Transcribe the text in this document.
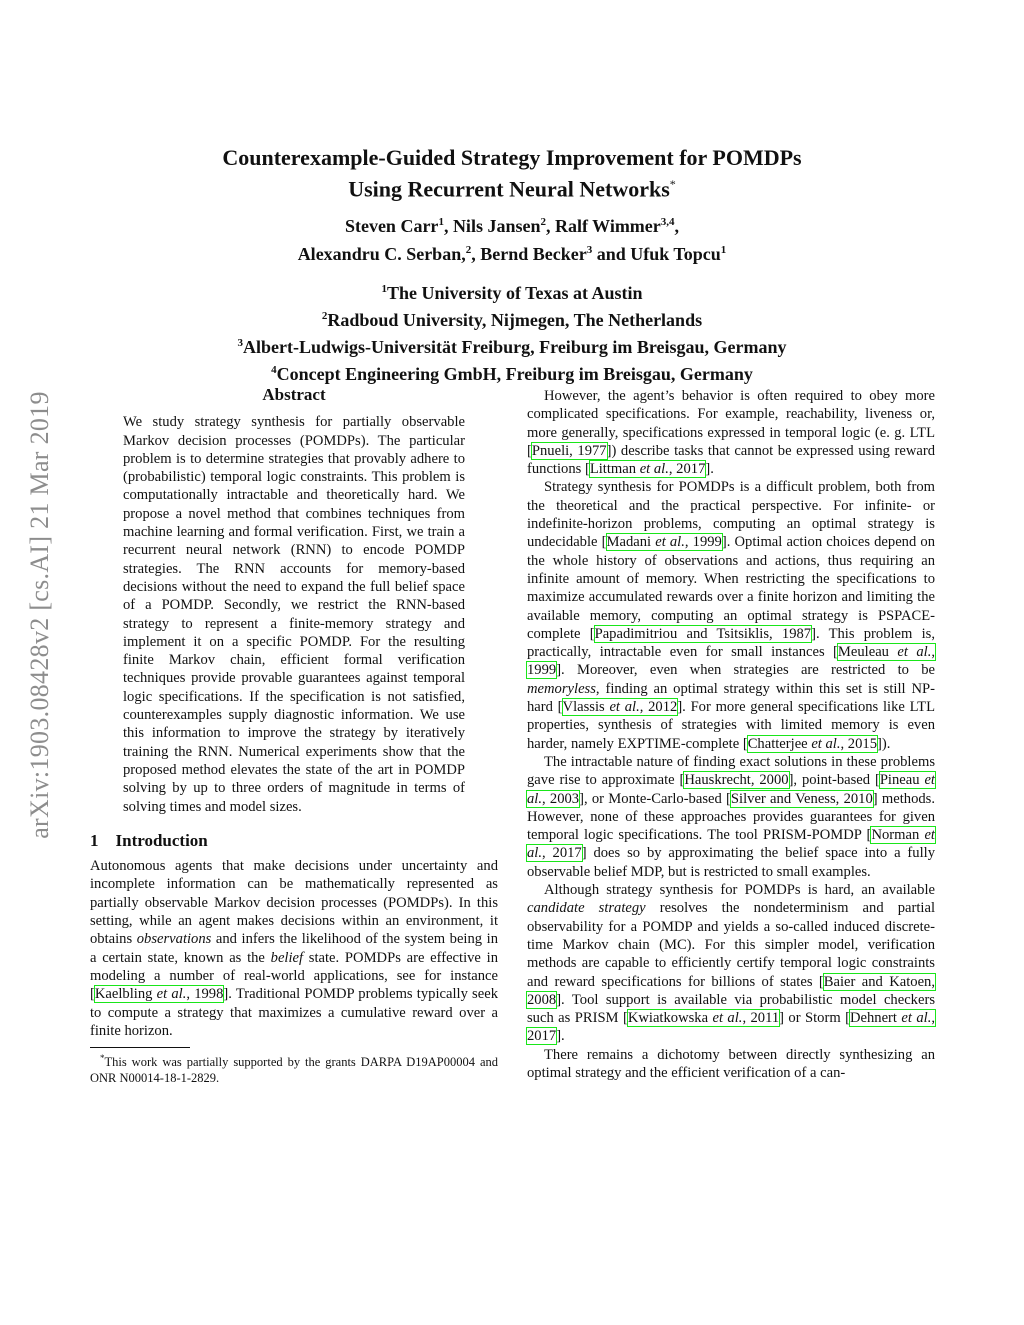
arXiv:1903.08428v2 [cs.AI] 21 Mar 2019
Counterexample-Guided Strategy Improvement for POMDPs
Using Recurrent Neural Networks*
Steven Carr$^1$, Nils Jansen$^2$, Ralf Wimmer$^{3,4}$,
Alexandru C. Serban,$^2$, Bernd Becker$^3$ and Ufuk Topcu$^1$
$^1$The University of Texas at Austin
$^2$Radboud University, Nijmegen, The Netherlands
$^3$Albert-Ludwigs-Universität Freiburg, Freiburg im Breisgau, Germany
$^4$Concept Engineering GmbH, Freiburg im Breisgau, Germany
Abstract

We study strategy synthesis for partially observable Markov decision processes (POMDPs). The particular problem is to determine strategies that provably adhere to (probabilistic) temporal logic constraints. This problem is computationally intractable and theoretically hard. We propose a novel method that combines techniques from machine learning and formal verification. First, we train a recurrent neural network (RNN) to encode POMDP strategies. The RNN accounts for memory-based decisions without the need to expand the full belief space of a POMDP. Secondly, we restrict the RNN-based strategy to represent a finite-memory strategy and implement it on a specific POMDP. For the resulting finite Markov chain, efficient formal verification techniques provide provable guarantees against temporal logic specifications. If the specification is not satisfied, counterexamples supply diagnostic information. We use this information to improve the strategy by iteratively training the RNN. Numerical experiments show that the proposed method elevates the state of the art in POMDP solving by up to three orders of magnitude in terms of solving times and model sizes.

1 Introduction

Autonomous agents that make decisions under uncertainty and incomplete information can be mathematically represented as partially observable Markov decision processes (POMDPs). In this setting, while an agent makes decisions within an environment, it obtains observations and infers the likelihood of the system being in a certain state, known as the belief state. POMDPs are effective in modeling a number of real-world applications, see for instance [Kaelbling et al., 1998]. Traditional POMDP problems typically seek to compute a strategy that maximizes a cumulative reward over a finite horizon.

*This work was partially supported by the grants DARPA D19AP00004 and ONR N00014-18-1-2829.

However, the agent’s behavior is often required to obey more complicated specifications. For example, reachability, liveness or, more generally, specifications expressed in temporal logic (e. g. LTL [Pnueli, 1977]) describe tasks that cannot be expressed using reward functions [Littman et al., 2017].

Strategy synthesis for POMDPs is a difficult problem, both from the theoretical and the practical perspective. For infinite- or indefinite-horizon problems, computing an optimal strategy is undecidable [Madani et al., 1999]. Optimal action choices depend on the whole history of observations and actions, thus requiring an infinite amount of memory. When restricting the specifications to maximize accumulated rewards over a finite horizon and limiting the available memory, computing an optimal strategy is PSPACE-complete [Papadimitriou and Tsitsiklis, 1987]. This problem is, practically, intractable even for small instances [Meuleau et al., 1999]. Moreover, even when strategies are restricted to be memoryless, finding an optimal strategy within this set is still NP-hard [Vlassis et al., 2012]. For more general specifications like LTL properties, synthesis of strategies with limited memory is even harder, namely EXPTIME-complete [Chatterjee et al., 2015]).

The intractable nature of finding exact solutions in these problems gave rise to approximate [Hauskrecht, 2000], point-based [Pineau et al., 2003], or Monte-Carlo-based [Silver and Veness, 2010] methods. However, none of these approaches provides guarantees for given temporal logic specifications. The tool PRISM-POMDP [Norman et al., 2017] does so by approximating the belief space into a fully observable belief MDP, but is restricted to small examples.

Although strategy synthesis for POMDPs is hard, an available candidate strategy resolves the nondeterminism and partial observability for a POMDP and yields a so-called induced discrete-time Markov chain (MC). For this simpler model, verification methods are capable to efficiently certify temporal logic constraints and reward specifications for billions of states [Baier and Katoen, 2008]. Tool support is available via probabilistic model checkers such as PRISM [Kwiatkowska et al., 2011] or Storm [Dehnert et al., 2017].

There remains a dichotomy between directly synthesizing an optimal strategy and the efficient verification of a can-
